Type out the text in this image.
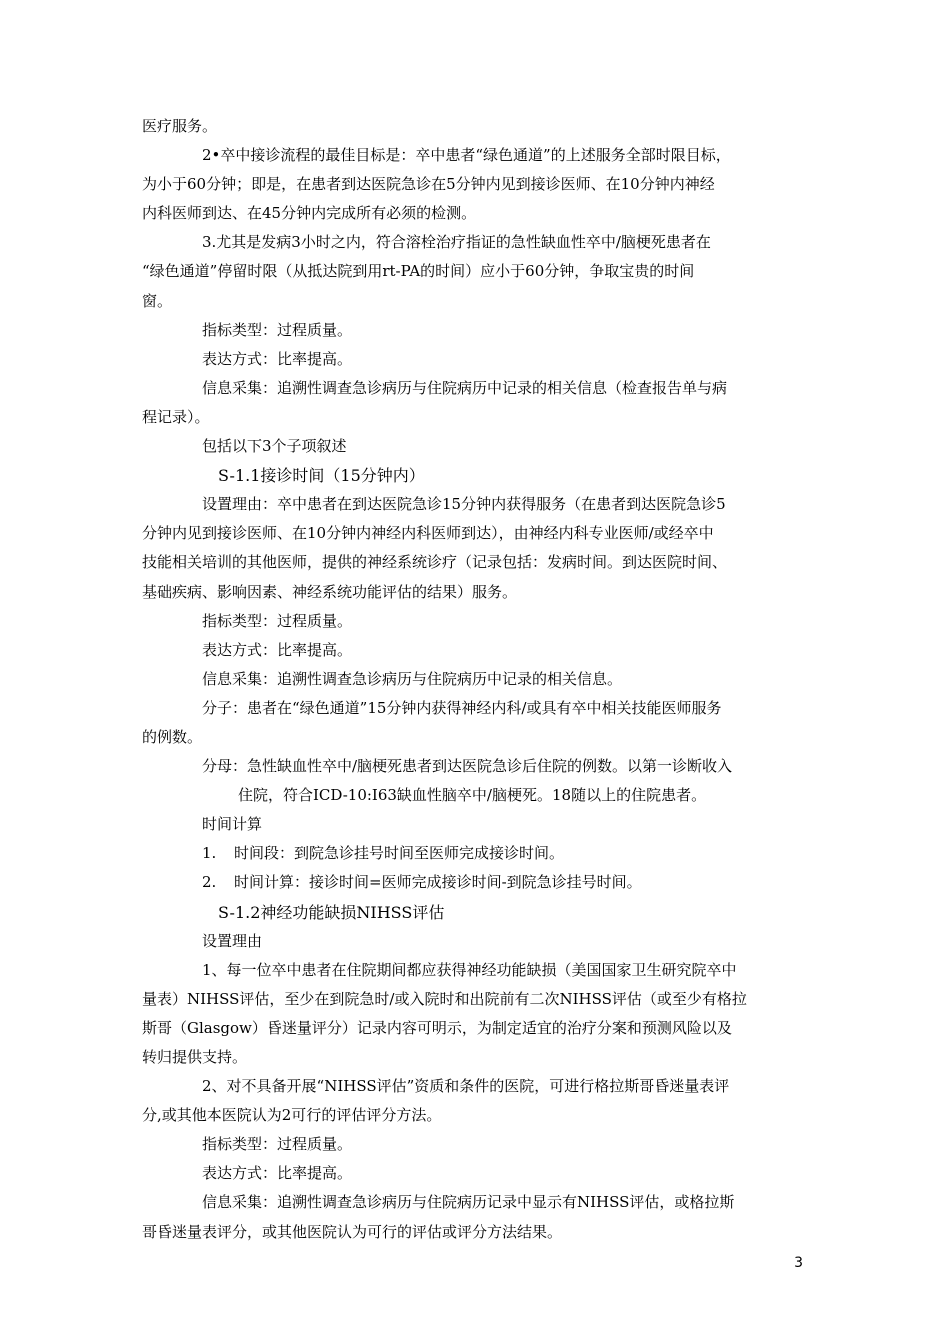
医疗服务。
2•卒中接诊流程的最佳目标是：卒中患者“绿色通道”的上述服务全部时限目标，
为小于60分钟；即是，在患者到达医院急诊在5分钟内见到接诊医师、在10分钟内神经
内科医师到达、在45分钟内完成所有必须的检测。
3.尤其是发病3小时之内，符合溶栓治疗指证的急性缺血性卒中/脑梗死患者在
“绿色通道”停留时限（从抵达院到用rt-PA的时间）应小于60分钟，争取宝贵的时间
窗。
指标类型：过程质量。
表达方式：比率提高。
信息采集：追溯性调查急诊病历与住院病历中记录的相关信息（检查报告单与病
程记录）。
包括以下3个子项叙述
S-1.1接诊时间（15分钟内）
设置理由：卒中患者在到达医院急诊15分钟内获得服务（在患者到达医院急诊5
分钟内见到接诊医师、在10分钟内神经内科医师到达），由神经内科专业医师/或经卒中
技能相关培训的其他医师，提供的神经系统诊疗（记录包括：发病时间。到达医院时间、
基础疾病、影响因素、神经系统功能评估的结果）服务。
指标类型：过程质量。
表达方式：比率提高。
信息采集：追溯性调查急诊病历与住院病历中记录的相关信息。
分子：患者在“绿色通道”15分钟内获得神经内科/或具有卒中相关技能医师服务
的例数。
分母：急性缺血性卒中/脑梗死患者到达医院急诊后住院的例数。以第一诊断收入
住院，符合ICD-10:I63缺血性脑卒中/脑梗死。18随以上的住院患者。
时间计算
1. 时间段：到院急诊挂号时间至医师完成接诊时间。
2. 时间计算：接诊时间=医师完成接诊时间-到院急诊挂号时间。
S-1.2神经功能缺损NIHSS评估
设置理由
1、每一位卒中患者在住院期间都应获得神经功能缺损（美国国家卫生研究院卒中
量表）NIHSS评估，至少在到院急时/或入院时和出院前有二次NIHSS评估（或至少有格拉
斯哥（Glasgow）昏迷量评分）记录内容可明示，为制定适宜的治疗分案和预测风险以及
转归提供支持。
2、对不具备开展“NIHSS评估”资质和条件的医院，可进行格拉斯哥昏迷量表评
分,或其他本医院认为2可行的评估评分方法。
指标类型：过程质量。
表达方式：比率提高。
信息采集：追溯性调查急诊病历与住院病历记录中显示有NIHSS评估，或格拉斯
哥昏迷量表评分，或其他医院认为可行的评估或评分方法结果。
3
